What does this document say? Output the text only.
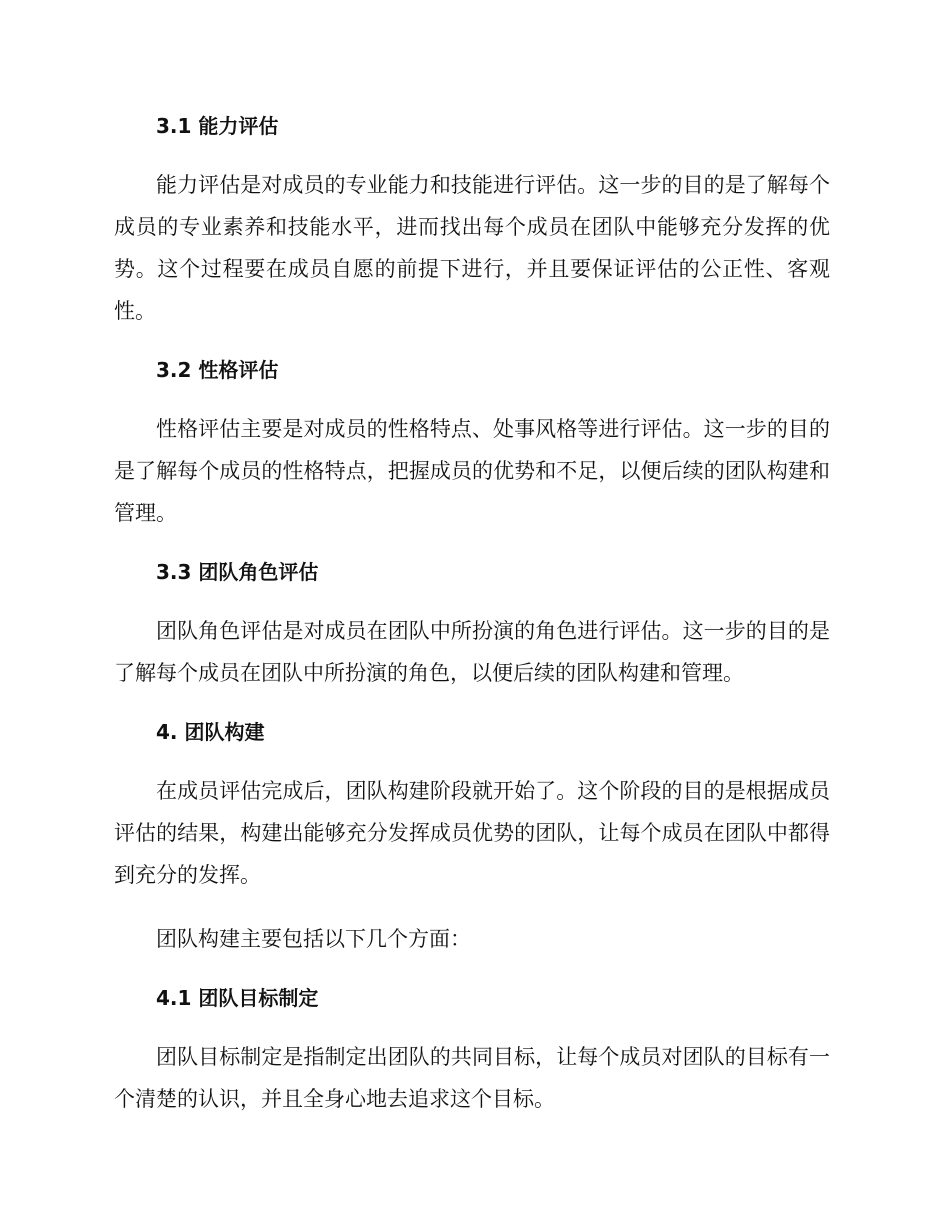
3.1 能力评估

能力评估是对成员的专业能力和技能进行评估。这一步的目的是了解每个成员的专业素养和技能水平，进而找出每个成员在团队中能够充分发挥的优势。这个过程要在成员自愿的前提下进行，并且要保证评估的公正性、客观性。

3.2 性格评估

性格评估主要是对成员的性格特点、处事风格等进行评估。这一步的目的是了解每个成员的性格特点，把握成员的优势和不足，以便后续的团队构建和管理。

3.3 团队角色评估

团队角色评估是对成员在团队中所扮演的角色进行评估。这一步的目的是了解每个成员在团队中所扮演的角色，以便后续的团队构建和管理。

4. 团队构建

在成员评估完成后，团队构建阶段就开始了。这个阶段的目的是根据成员评估的结果，构建出能够充分发挥成员优势的团队，让每个成员在团队中都得到充分的发挥。

团队构建主要包括以下几个方面：

4.1 团队目标制定

团队目标制定是指制定出团队的共同目标，让每个成员对团队的目标有一个清楚的认识，并且全身心地去追求这个目标。
